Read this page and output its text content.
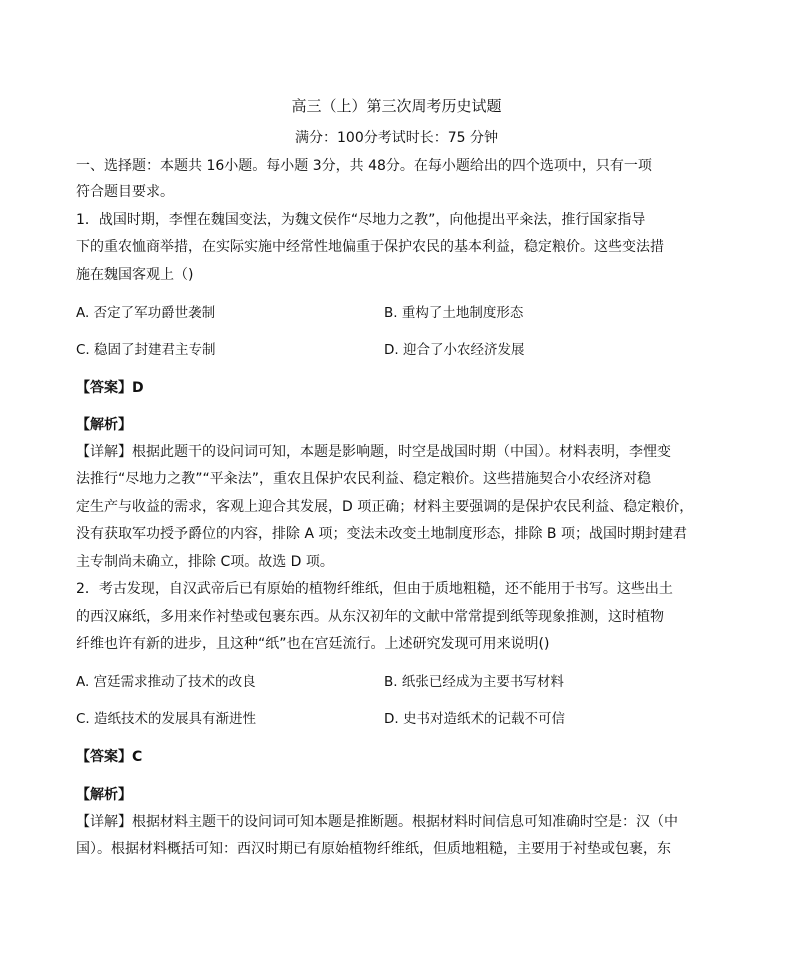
高三（上）第三次周考历史试题
满分：100分考试时长：75 分钟
一、选择题：本题共 16小题。每小题 3分，共 48分。在每小题给出的四个选项中，只有一项
符合题目要求。
1．战国时期，李悝在魏国变法，为魏文侯作“尽地力之教”，向他提出平籴法，推行国家指导
下的重农恤商举措，在实际实施中经常性地偏重于保护农民的基本利益，稳定粮价。这些变法措
施在魏国客观上（)
A. 否定了军功爵世袭制	B. 重构了土地制度形态
C. 稳固了封建君主专制	D. 迎合了小农经济发展
【答案】D
【解析】
【详解】根据此题干的设问词可知，本题是影响题，时空是战国时期（中国）。材料表明，李悝变
法推行“尽地力之教”“平籴法”，重农且保护农民利益、稳定粮价。这些措施契合小农经济对稳
定生产与收益的需求，客观上迎合其发展，D 项正确；材料主要强调的是保护农民利益、稳定粮价，
没有获取军功授予爵位的内容，排除 A 项；变法未改变土地制度形态，排除 B 项；战国时期封建君
主专制尚未确立，排除 C项。故选 D 项。
2．考古发现，自汉武帝后已有原始的植物纤维纸，但由于质地粗糙，还不能用于书写。这些出土
的西汉麻纸，多用来作衬垫或包裹东西。从东汉初年的文献中常常提到纸等现象推测，这时植物
纤维也许有新的进步，且这种“纸”也在宫廷流行。上述研究发现可用来说明()
A. 宫廷需求推动了技术的改良	B. 纸张已经成为主要书写材料
C. 造纸技术的发展具有渐进性	D. 史书对造纸术的记载不可信
【答案】C
【解析】
【详解】根据材料主题干的设问词可知本题是推断题。根据材料时间信息可知准确时空是：汉（中
国）。根据材料概括可知：西汉时期已有原始植物纤维纸，但质地粗糙，主要用于衬垫或包裹，东
